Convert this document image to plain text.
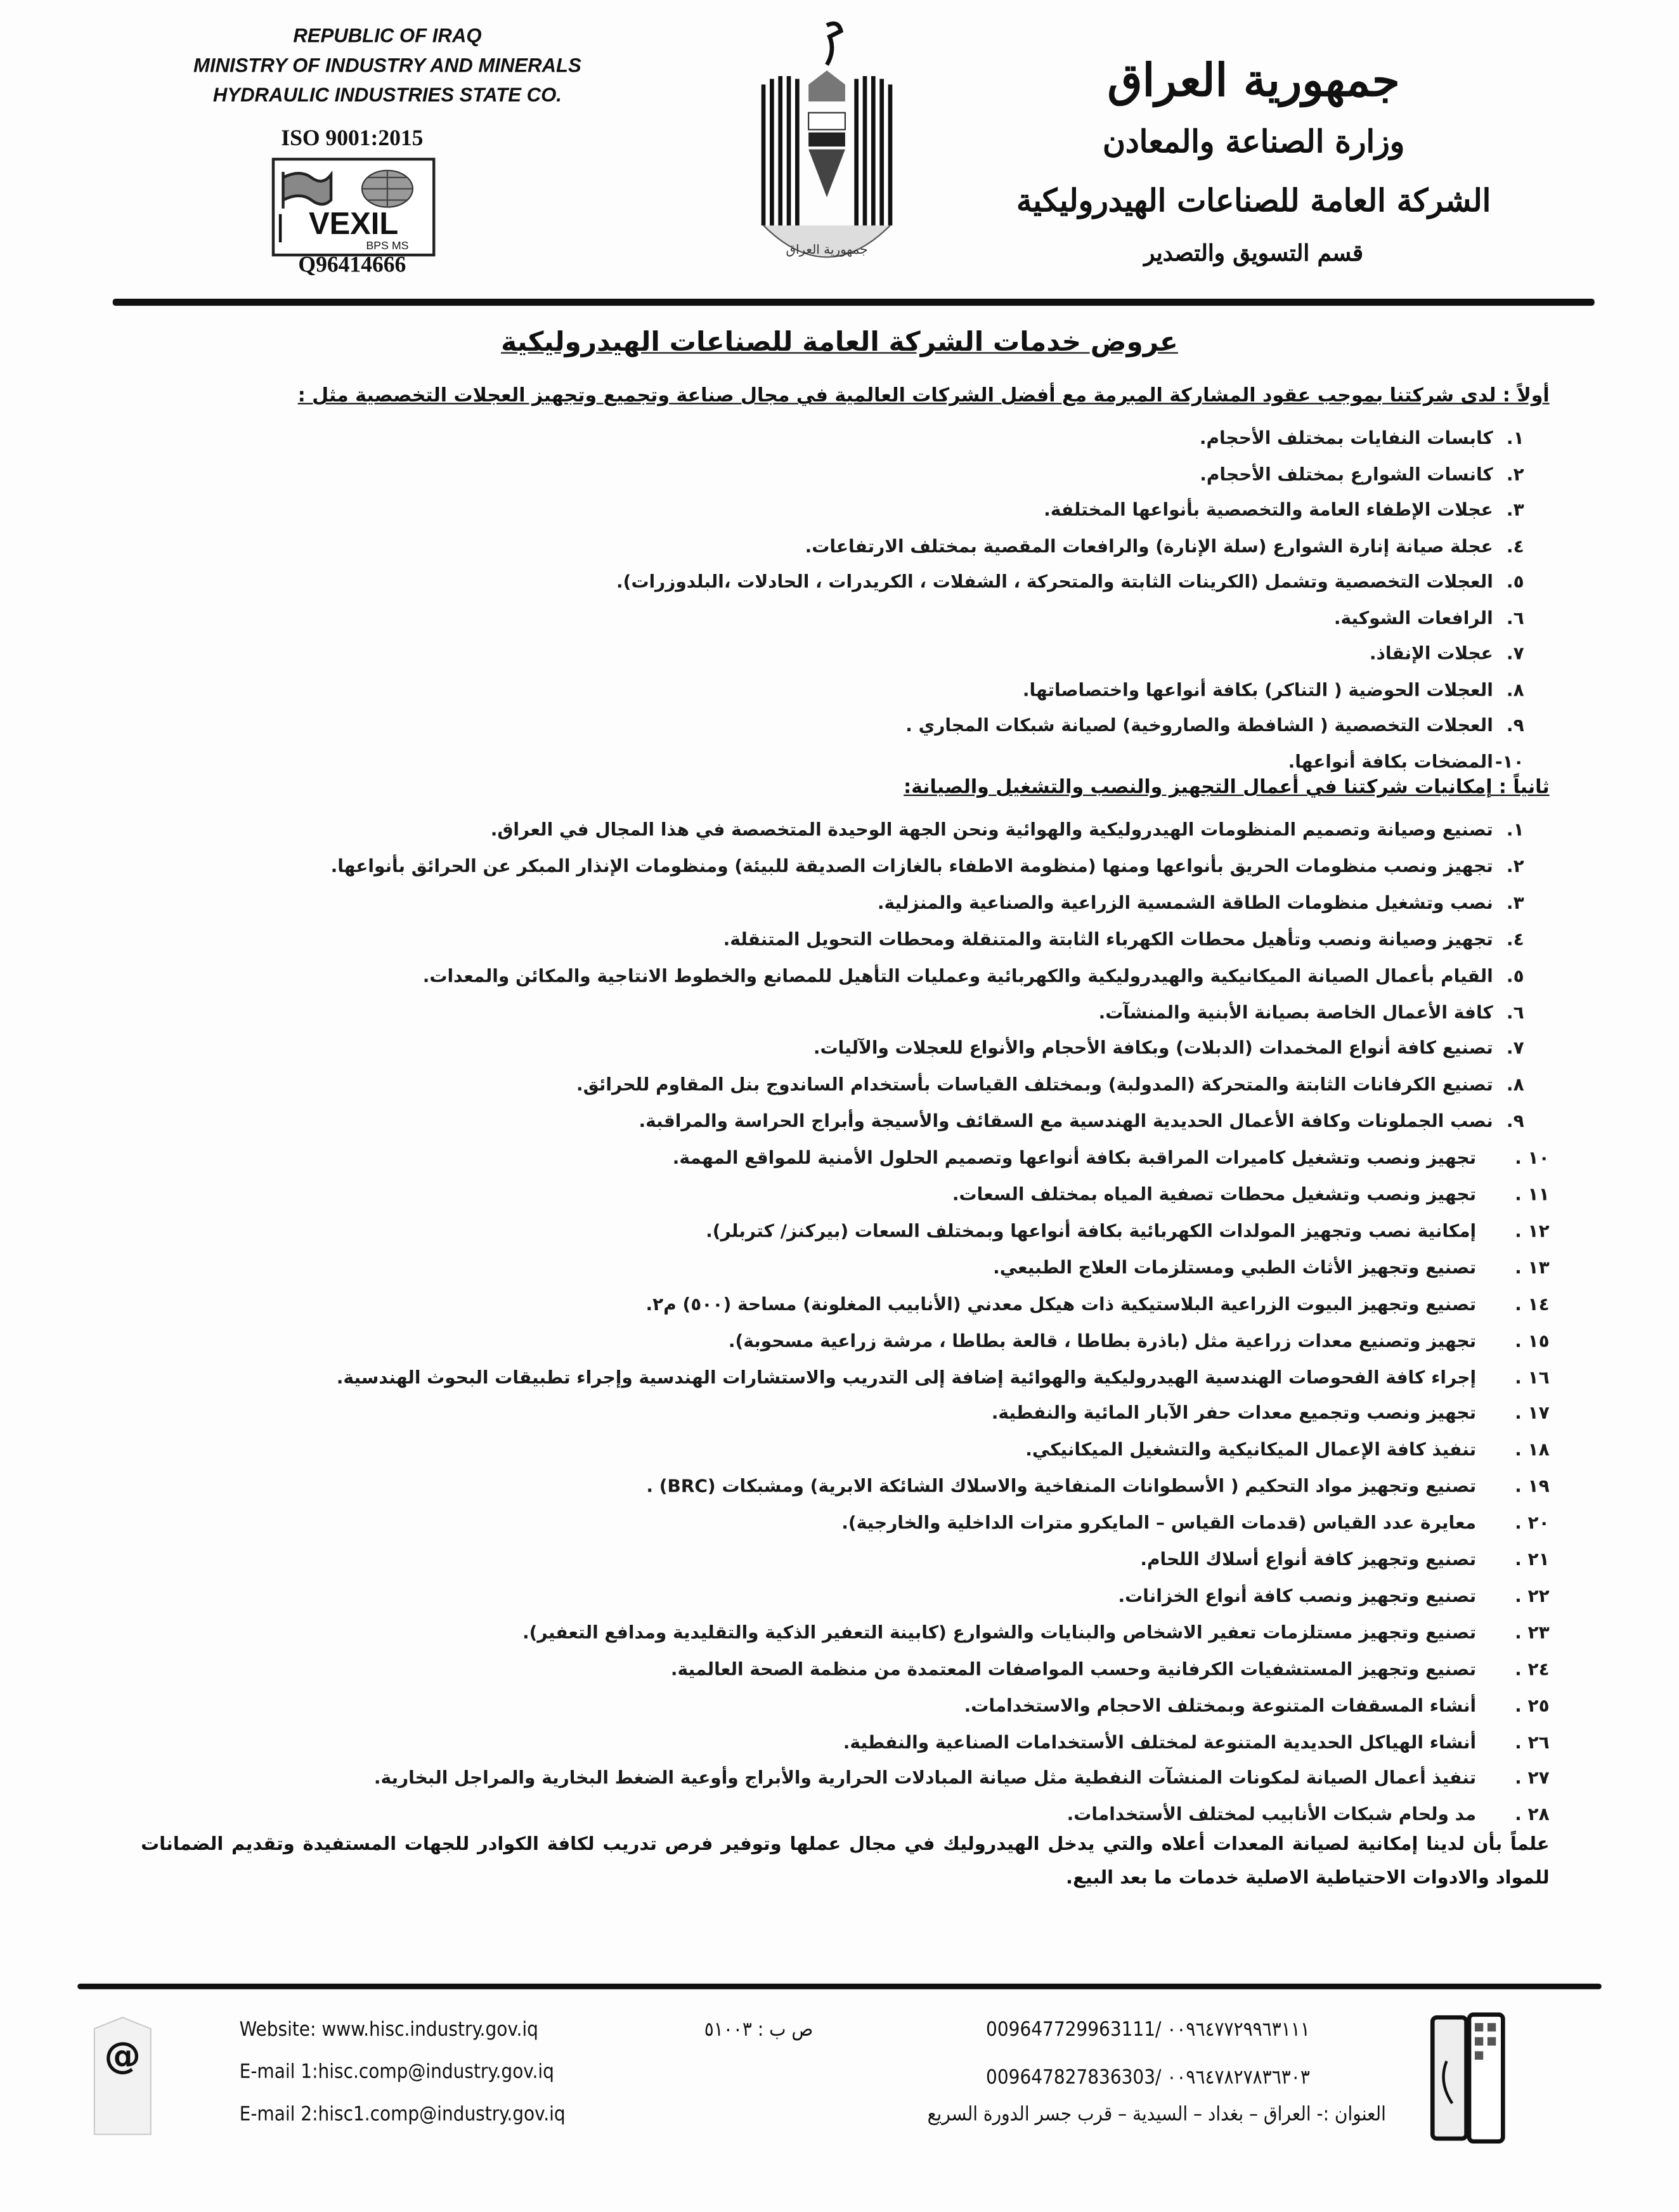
REPUBLIC OF IRAQ
MINISTRY OF INDUSTRY AND MINERALS
HYDRAULIC INDUSTRIES STATE CO.
ISO 9001:2015
VEXIL
BPS MS
Q96414666
جمهورية العراق
جمهورية العراق
وزارة الصناعة والمعادن
الشركة العامة للصناعات الهيدروليكية
قسم التسويق والتصدير
عروض خدمات الشركة العامة للصناعات الهيدروليكية
أولاً : لدى شركتنا بموجب عقود المشاركة المبرمة مع أفضل الشركات العالمية في مجال صناعة وتجميع وتجهيز العجلات التخصصية مثل :
١.كابسات النفايات بمختلف الأحجام.
٢.كانسات الشوارع بمختلف الأحجام.
٣.عجلات الإطفاء العامة والتخصصية بأنواعها المختلفة.
٤.عجلة صيانة إنارة الشوارع (سلة الإنارة) والرافعات المقصية بمختلف الارتفاعات.
٥.العجلات التخصصية وتشمل (الكرينات الثابتة والمتحركة ، الشفلات ، الكريدرات ، الحادلات ،البلدوزرات).
٦.الرافعات الشوكية.
٧.عجلات الإنقاذ.
٨.العجلات الحوضية ( التناكر) بكافة أنواعها واختصاصاتها.
٩.العجلات التخصصية ( الشافطة والصاروخية) لصيانة شبكات المجاري .
١٠-المضخات بكافة أنواعها.
ثانياً : إمكانيات شركتنا في أعمال التجهيز والنصب والتشغيل والصيانة:
١.تصنيع وصيانة وتصميم المنظومات الهيدروليكية والهوائية ونحن الجهة الوحيدة المتخصصة في هذا المجال في العراق.
٢.تجهيز ونصب منظومات الحريق بأنواعها ومنها (منظومة الاطفاء بالغازات الصديقة للبيئة) ومنظومات الإنذار المبكر عن الحرائق بأنواعها.
٣.نصب وتشغيل منظومات الطاقة الشمسية الزراعية والصناعية والمنزلية.
٤.تجهيز وصيانة ونصب وتأهيل محطات الكهرباء الثابتة والمتنقلة ومحطات التحويل المتنقلة.
٥.القيام بأعمال الصيانة الميكانيكية والهيدروليكية والكهربائية وعمليات التأهيل للمصانع والخطوط الانتاجية والمكائن والمعدات.
٦.كافة الأعمال الخاصة بصيانة الأبنية والمنشآت.
٧.تصنيع كافة أنواع المخمدات (الدبلات) وبكافة الأحجام والأنواع للعجلات والآليات.
٨.تصنيع الكرفانات الثابتة والمتحركة (المدولبة) وبمختلف القياسات بأستخدام الساندوج بنل المقاوم للحرائق.
٩.نصب الجملونات وكافة الأعمال الحديدية الهندسية مع السقائف والأسيجة وأبراج الحراسة والمراقبة.
١٠ .تجهيز ونصب وتشغيل كاميرات المراقبة بكافة أنواعها وتصميم الحلول الأمنية للمواقع المهمة.
١١ .تجهيز ونصب وتشغيل محطات تصفية المياه بمختلف السعات.
١٢ .إمكانية نصب وتجهيز المولدات الكهربائية بكافة أنواعها وبمختلف السعات (بيركنز/ كتربلر).
١٣ .تصنيع وتجهيز الأثاث الطبي ومستلزمات العلاج الطبيعي.
١٤ .تصنيع وتجهيز البيوت الزراعية البلاستيكية ذات هيكل معدني (الأنابيب المغلونة) مساحة (٥٠٠) م٢.
١٥ .تجهيز وتصنيع معدات زراعية مثل (باذرة بطاطا ، قالعة بطاطا ، مرشة زراعية مسحوبة).
١٦ .إجراء كافة الفحوصات الهندسية الهيدروليكية والهوائية إضافة إلى التدريب والاستشارات الهندسية وإجراء تطبيقات البحوث الهندسية.
١٧ .تجهيز ونصب وتجميع معدات حفر الآبار المائية والنفطية.
١٨ .تنفيذ كافة الإعمال الميكانيكية والتشغيل الميكانيكي.
١٩ .تصنيع وتجهيز مواد التحكيم ( الأسطوانات المنفاخية والاسلاك الشائكة الابرية) ومشبكات (BRC) .
٢٠ .معايرة عدد القياس (قدمات القياس – المايكرو مترات الداخلية والخارجية).
٢١ .تصنيع وتجهيز كافة أنواع أسلاك اللحام.
٢٢ .تصنيع وتجهيز ونصب كافة أنواع الخزانات.
٢٣ .تصنيع وتجهيز مستلزمات تعفير الاشخاص والبنايات والشوارع (كابينة التعفير الذكية والتقليدية ومدافع التعفير).
٢٤ .تصنيع وتجهيز المستشفيات الكرفانية وحسب المواصفات المعتمدة من منظمة الصحة العالمية.
٢٥ .أنشاء المسقفات المتنوعة وبمختلف الاحجام والاستخدامات.
٢٦ .أنشاء الهياكل الحديدية المتنوعة لمختلف الأستخدامات الصناعية والنفطية.
٢٧ .تنفيذ أعمال الصيانة لمكونات المنشآت النفطية مثل صيانة المبادلات الحرارية والأبراج وأوعية الضغط البخارية والمراجل البخارية.
٢٨ .مد ولحام شبكات الأنابيب لمختلف الأستخدامات.
علماً بأن لدينا إمكانية لصيانة المعدات أعلاه والتي يدخل الهيدروليك في مجال عملها وتوفير فرص تدريب لكافة الكوادر للجهات المستفيدة وتقديم الضمانات للمواد والادوات الاحتياطية الاصلية خدمات ما بعد البيع.
@
Website: www.hisc.industry.gov.iq
E-mail 1:hisc.comp@industry.gov.iq
E-mail 2:hisc1.comp@industry.gov.iq
ص ب : ٥١٠٠٣	009647729963111/ ٠٠٩٦٤٧٧٢٩٩٦٣١١١
009647827836303/ ٠٠٩٦٤٧٨٢٧٨٣٦٣٠٣
العنوان :- العراق – بغداد – السيدية – قرب جسر الدورة السريع
